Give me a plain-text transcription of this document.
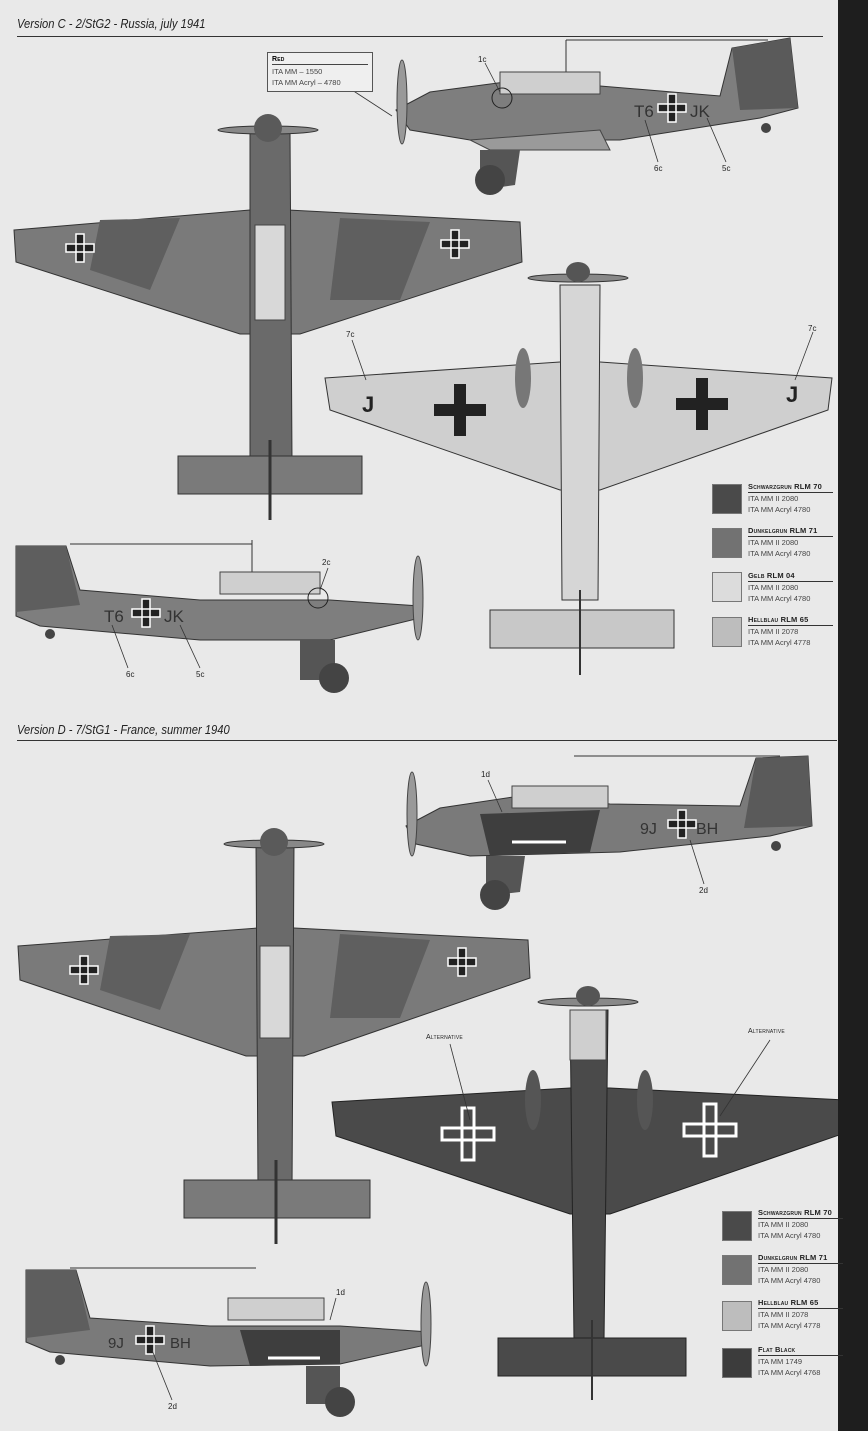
Version C - 2/StG2 - Russia, july 1941
Version D - 7/StG1 - France, summer 1940
T6 JK
J	J
T6 JK
9J BH
9J	BH
Red
ITA MM – 1550
ITA MM Acryl – 4780
1c
6c	5c
7c
7c
2c
6c	5c
1d
2d
Alternative
Alternative
1d
2d
Schwarzgrun RLM 70
ITA MM II 2080
ITA MM Acryl 4780
Dunkelgrun RLM 71
ITA MM II 2080
ITA MM Acryl 4780
Gelb RLM 04
ITA MM II 2080
ITA MM Acryl 4780
Hellblau RLM 65
ITA MM II 2078
ITA MM Acryl 4778
Schwarzgrun RLM 70
ITA MM II 2080
ITA MM Acryl 4780
Dunkelgrun RLM 71
ITA MM II 2080
ITA MM Acryl 4780
Hellblau RLM 65
ITA MM II 2078
ITA MM Acryl 4778
Flat Black
ITA MM 1749
ITA MM Acryl 4768
